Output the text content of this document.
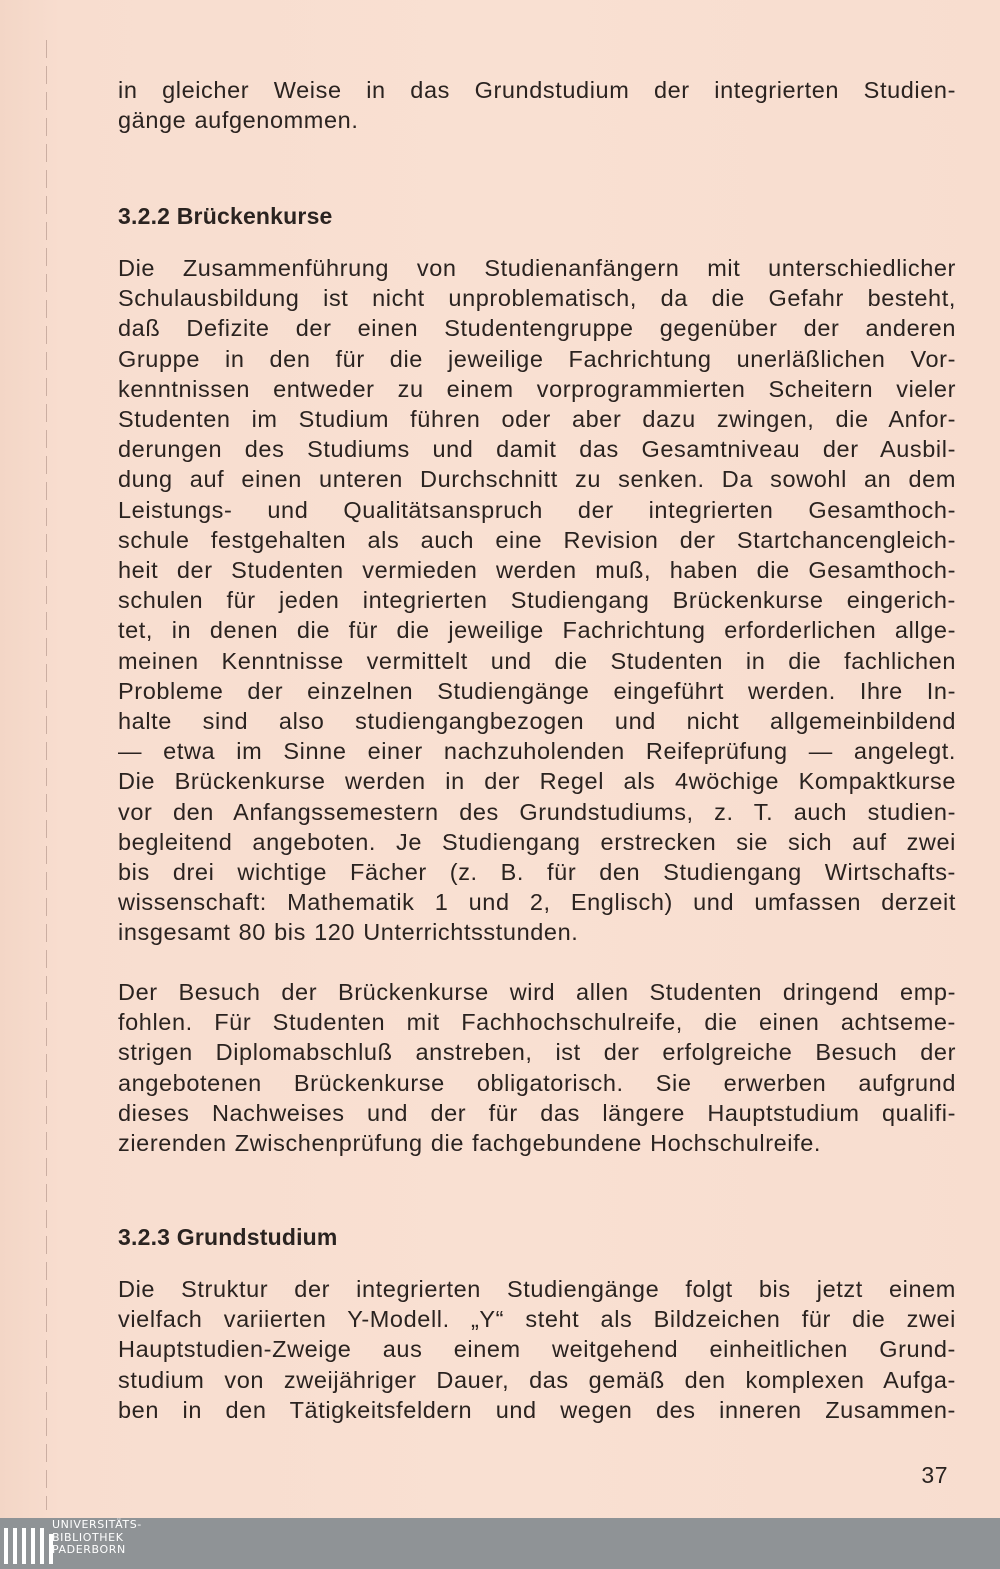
in gleicher Weise in das Grundstudium der integrierten Studien-
gänge aufgenommen.
3.2.2 Brückenkurse
Die Zusammenführung von Studienanfängern mit unterschiedlicher
Schulausbildung ist nicht unproblematisch, da die Gefahr besteht,
daß Defizite der einen Studentengruppe gegenüber der anderen
Gruppe in den für die jeweilige Fachrichtung unerläßlichen Vor-
kenntnissen entweder zu einem vorprogrammierten Scheitern vieler
Studenten im Studium führen oder aber dazu zwingen, die Anfor-
derungen des Studiums und damit das Gesamtniveau der Ausbil-
dung auf einen unteren Durchschnitt zu senken. Da sowohl an dem
Leistungs- und Qualitätsanspruch der integrierten Gesamthoch-
schule festgehalten als auch eine Revision der Startchancengleich-
heit der Studenten vermieden werden muß, haben die Gesamthoch-
schulen für jeden integrierten Studiengang Brückenkurse eingerich-
tet, in denen die für die jeweilige Fachrichtung erforderlichen allge-
meinen Kenntnisse vermittelt und die Studenten in die fachlichen
Probleme der einzelnen Studiengänge eingeführt werden. Ihre In-
halte sind also studiengangbezogen und nicht allgemeinbildend
— etwa im Sinne einer nachzuholenden Reifeprüfung — angelegt.
Die Brückenkurse werden in der Regel als 4wöchige Kompaktkurse
vor den Anfangssemestern des Grundstudiums, z. T. auch studien-
begleitend angeboten. Je Studiengang erstrecken sie sich auf zwei
bis drei wichtige Fächer (z. B. für den Studiengang Wirtschafts-
wissenschaft: Mathematik 1 und 2, Englisch) und umfassen derzeit
insgesamt 80 bis 120 Unterrichtsstunden.
Der Besuch der Brückenkurse wird allen Studenten dringend emp-
fohlen. Für Studenten mit Fachhochschulreife, die einen achtseme-
strigen Diplomabschluß anstreben, ist der erfolgreiche Besuch der
angebotenen Brückenkurse obligatorisch. Sie erwerben aufgrund
dieses Nachweises und der für das längere Hauptstudium qualifi-
zierenden Zwischenprüfung die fachgebundene Hochschulreife.
3.2.3 Grundstudium
Die Struktur der integrierten Studiengänge folgt bis jetzt einem
vielfach variierten Y-Modell. „Y“ steht als Bildzeichen für die zwei
Hauptstudien-Zweige aus einem weitgehend einheitlichen Grund-
studium von zweijähriger Dauer, das gemäß den komplexen Aufga-
ben in den Tätigkeitsfeldern und wegen des inneren Zusammen-
37
UNIVERSITÄTS-
BIBLIOTHEK
PADERBORN
